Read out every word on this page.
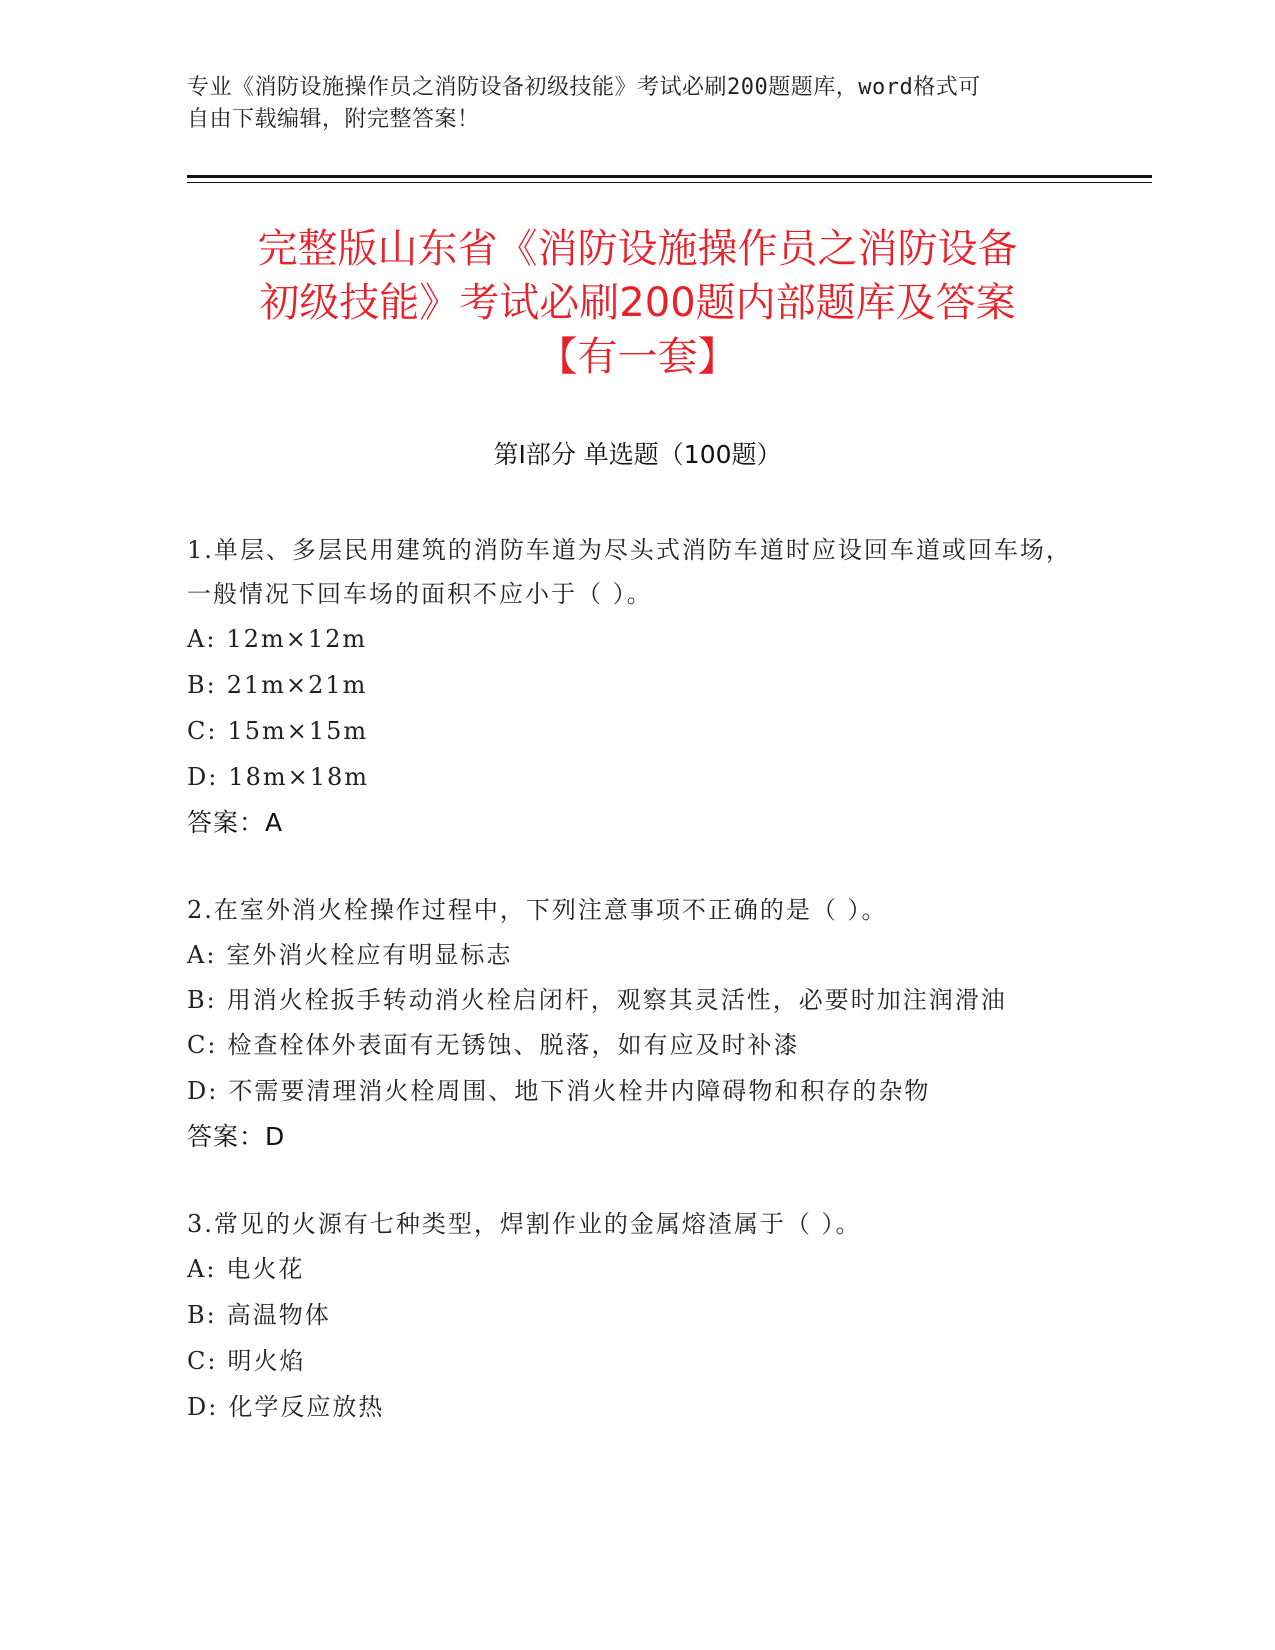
专业《消防设施操作员之消防设备初级技能》考试必刷200题题库，word格式可
自由下载编辑，附完整答案！
完整版山东省《消防设施操作员之消防设备
初级技能》考试必刷200题内部题库及答案
【有一套】
第Ⅰ部分 单选题（100题）
1.单层、多层民用建筑的消防车道为尽头式消防车道时应设回车道或回车场，一般情况下回车场的面积不应小于（ ）。
A: 12m×12m
B: 21m×21m
C: 15m×15m
D: 18m×18m
答案：A
2.在室外消火栓操作过程中，下列注意事项不正确的是（ ）。
A: 室外消火栓应有明显标志
B: 用消火栓扳手转动消火栓启闭杆，观察其灵活性，必要时加注润滑油
C: 检查栓体外表面有无锈蚀、脱落，如有应及时补漆
D: 不需要清理消火栓周围、地下消火栓井内障碍物和积存的杂物
答案：D
3.常见的火源有七种类型，焊割作业的金属熔渣属于（ ）。
A: 电火花
B: 高温物体
C: 明火焰
D: 化学反应放热
